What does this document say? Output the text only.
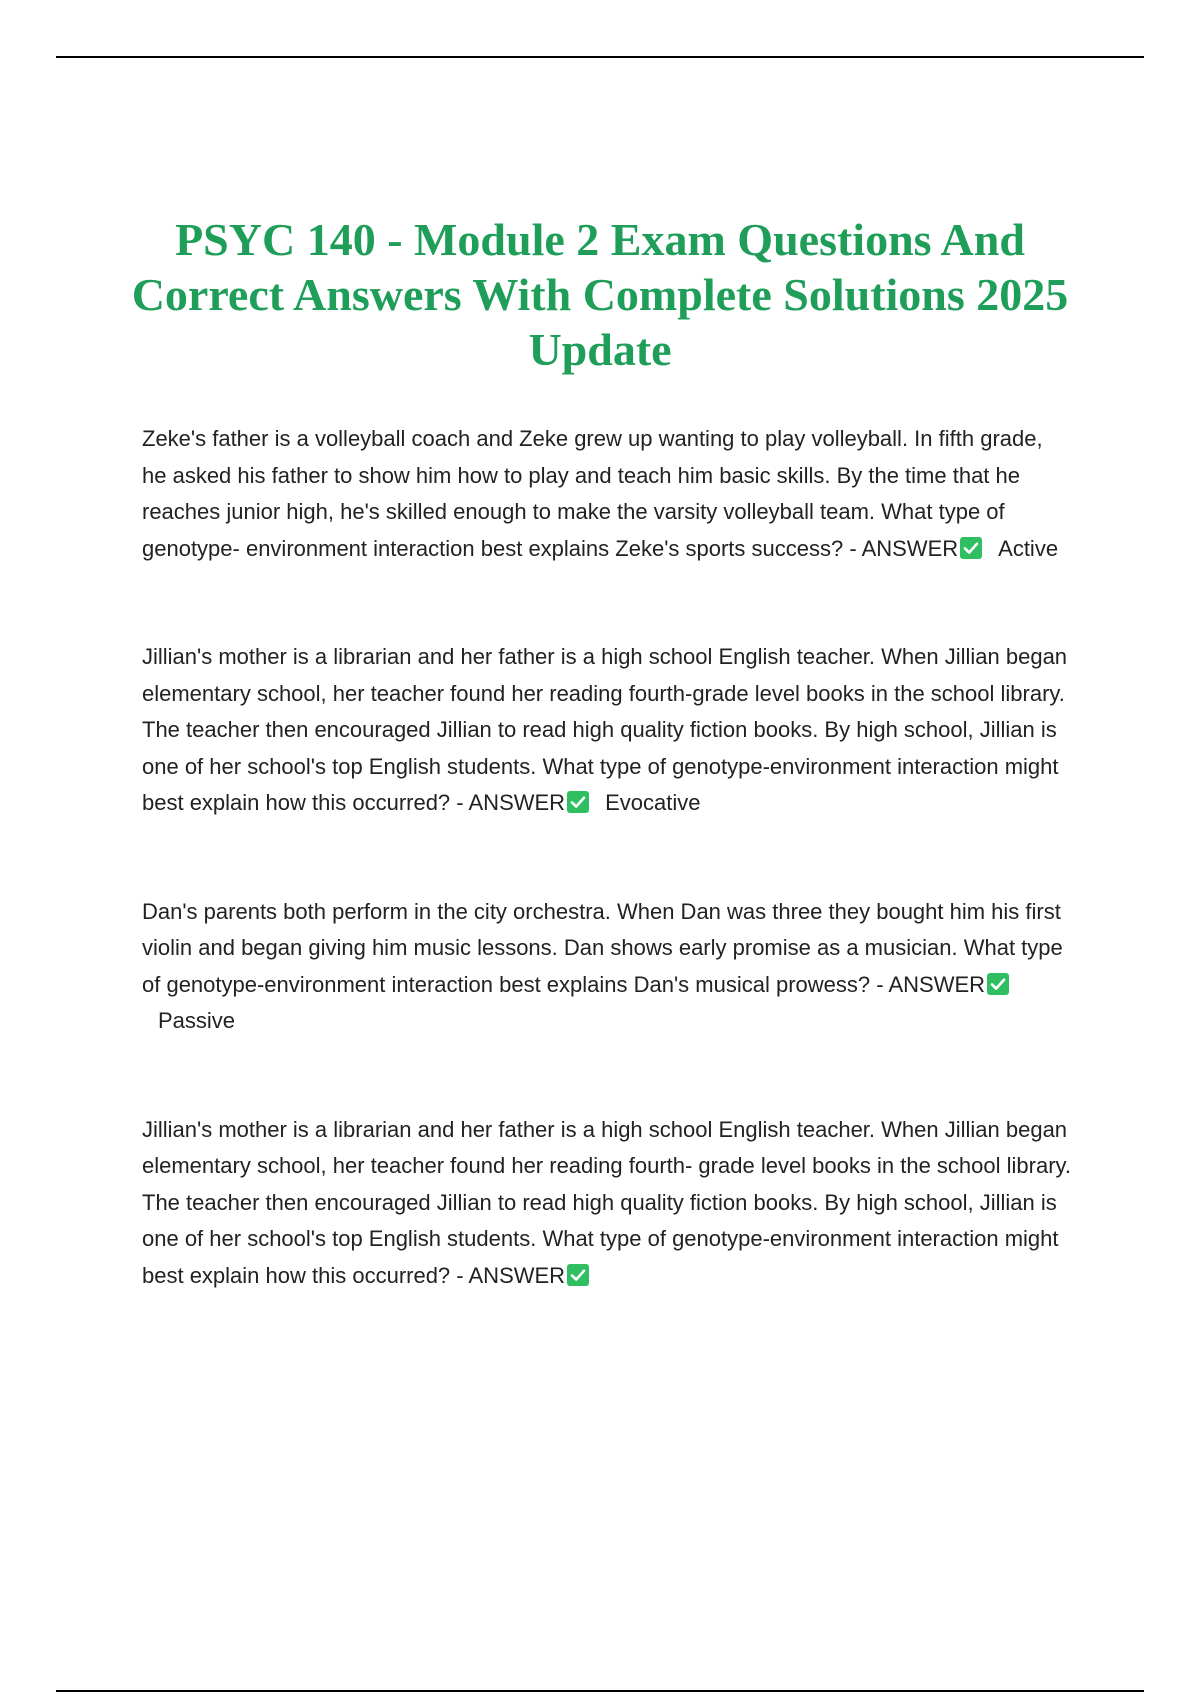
PSYC 140 - Module 2 Exam Questions And Correct Answers With Complete Solutions 2025 Update

Zeke's father is a volleyball coach and Zeke grew up wanting to play volleyball. In fifth grade, he asked his father to show him how to play and teach him basic skills. By the time that he reaches junior high, he's skilled enough to make the varsity volleyball team. What type of genotype- environment interaction best explains Zeke's sports success? - ANSWER Active

Jillian's mother is a librarian and her father is a high school English teacher. When Jillian began elementary school, her teacher found her reading fourth-grade level books in the school library. The teacher then encouraged Jillian to read high quality fiction books. By high school, Jillian is one of her school's top English students. What type of genotype-environment interaction might best explain how this occurred? - ANSWER Evocative

Dan's parents both perform in the city orchestra. When Dan was three they bought him his first violin and began giving him music lessons. Dan shows early promise as a musician. What type of genotype-environment interaction best explains Dan's musical prowess? - ANSWER
Passive

Jillian's mother is a librarian and her father is a high school English teacher. When Jillian began elementary school, her teacher found her reading fourth- grade level books in the school library. The teacher then encouraged Jillian to read high quality fiction books. By high school, Jillian is one of her school's top English students. What type of genotype-environment interaction might best explain how this occurred? - ANSWER
